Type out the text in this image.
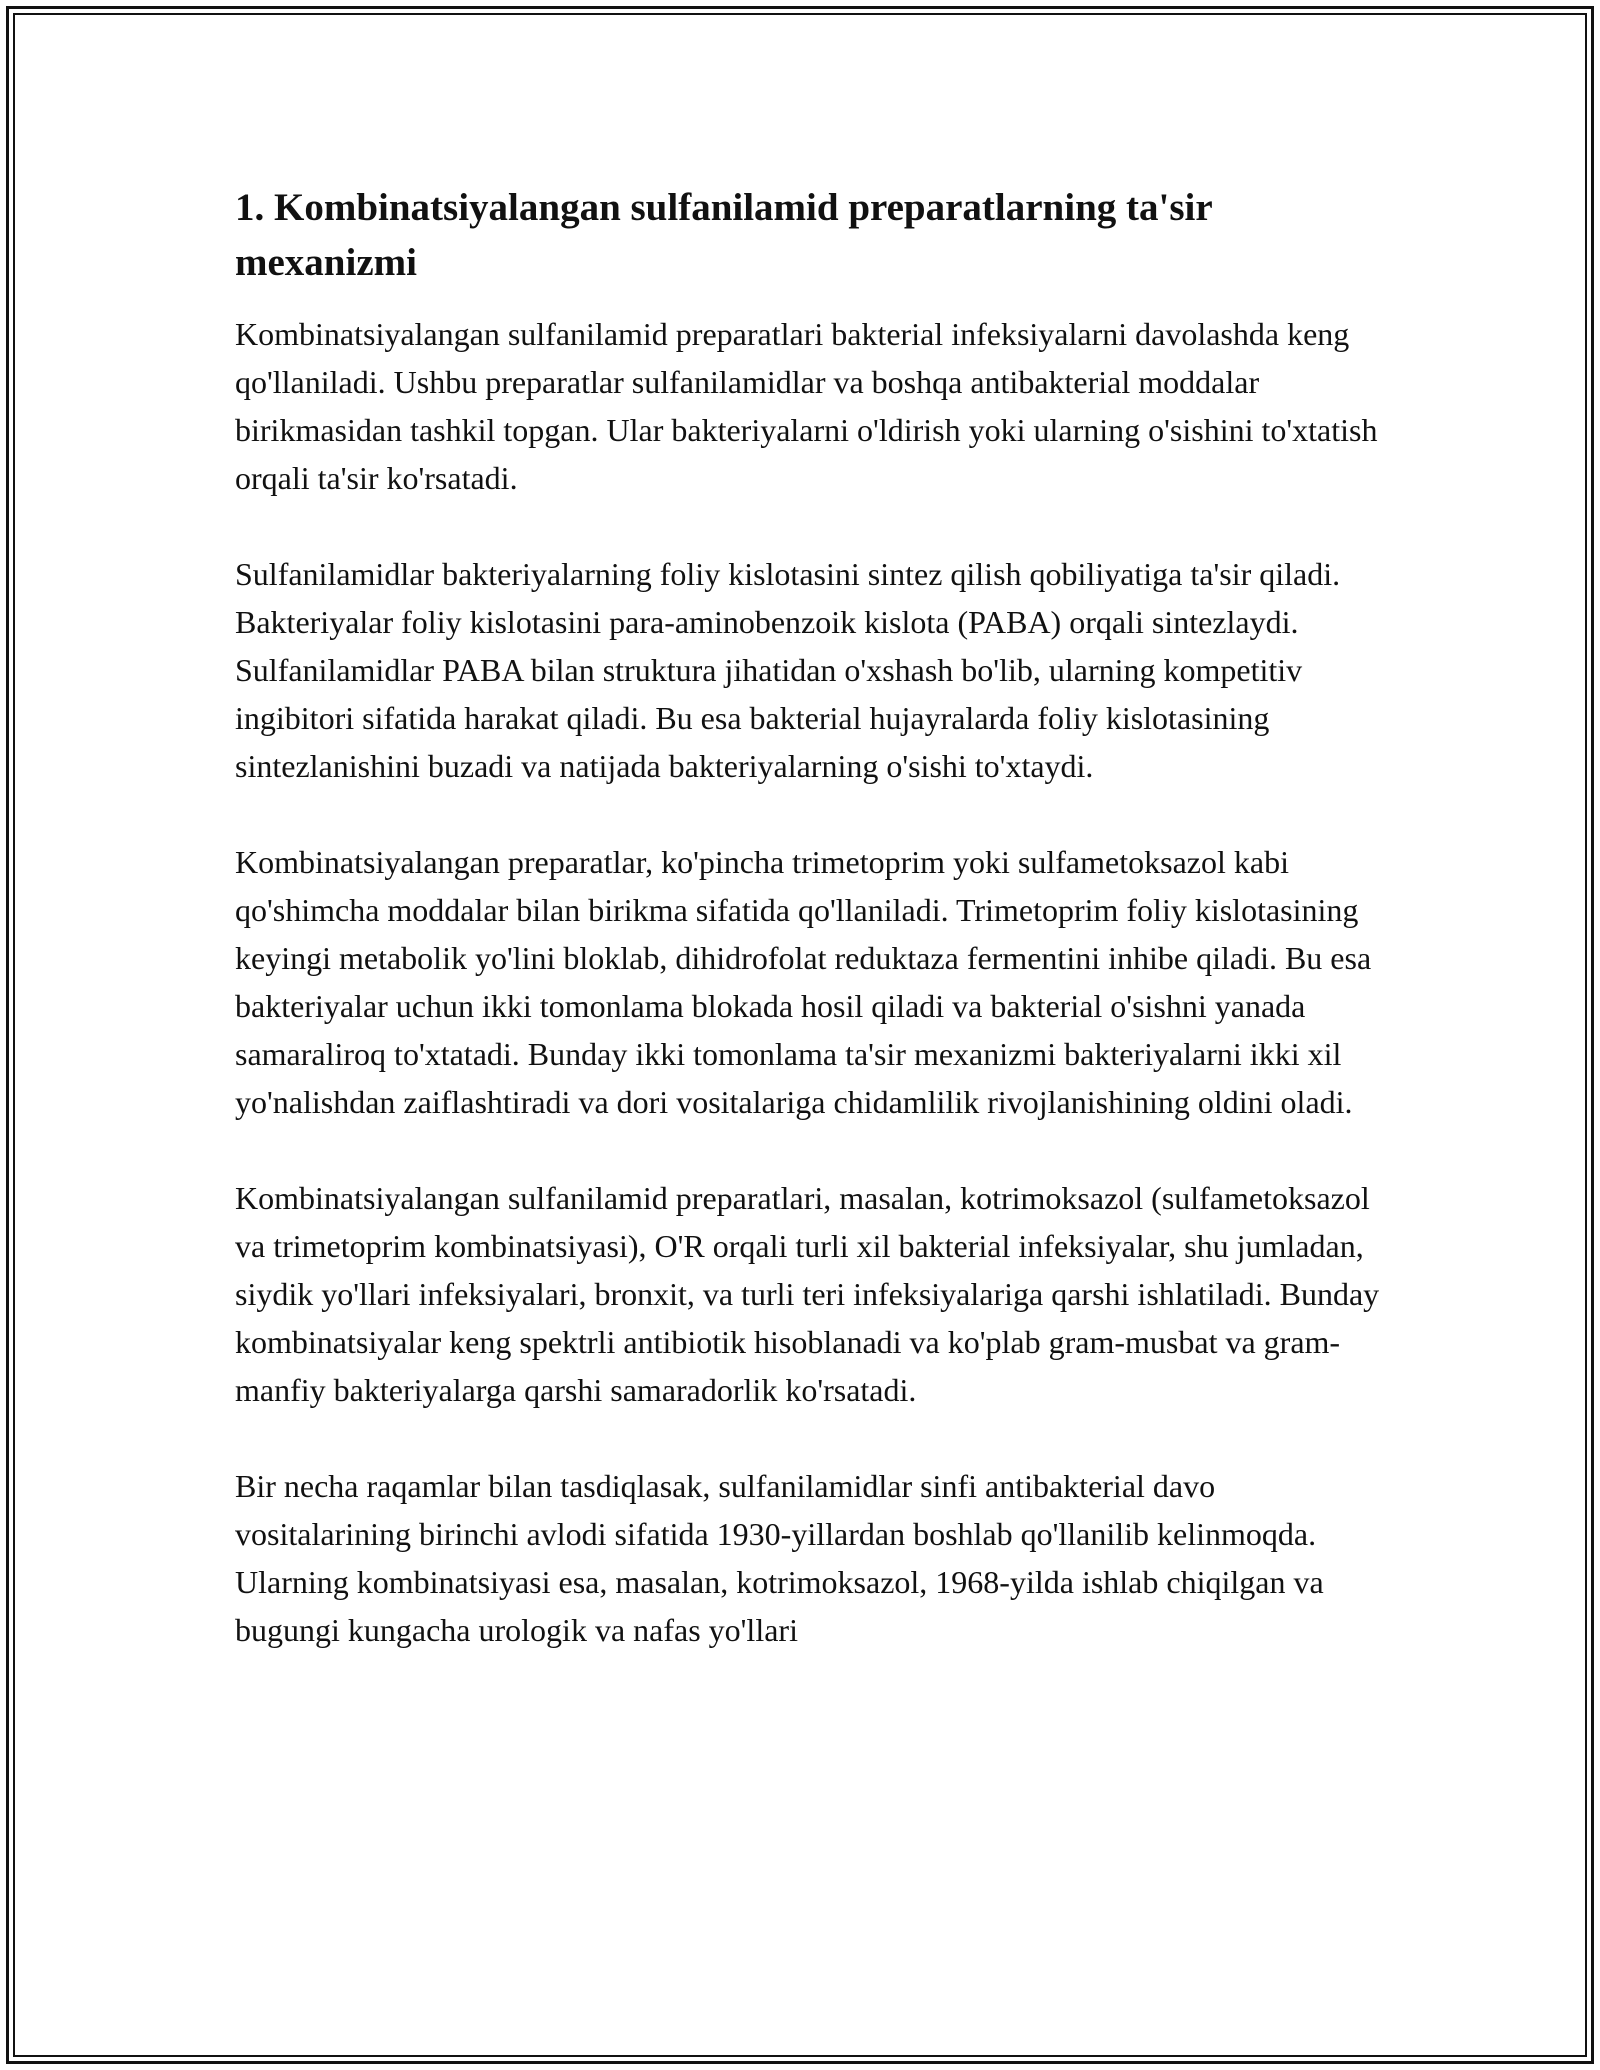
1. Kombinatsiyalangan sulfanilamid preparatlarning ta'sir mexanizmi

Kombinatsiyalangan sulfanilamid preparatlari bakterial infeksiyalarni davolashda keng qo'llaniladi. Ushbu preparatlar sulfanilamidlar va boshqa antibakterial moddalar birikmasidan tashkil topgan. Ular bakteriyalarni o'ldirish yoki ularning o'sishini to'xtatish orqali ta'sir ko'rsatadi.

Sulfanilamidlar bakteriyalarning foliy kislotasini sintez qilish qobiliyatiga ta'sir qiladi. Bakteriyalar foliy kislotasini para-aminobenzoik kislota (PABA) orqali sintezlaydi. Sulfanilamidlar PABA bilan struktura jihatidan o'xshash bo'lib, ularning kompetitiv ingibitori sifatida harakat qiladi. Bu esa bakterial hujayralarda foliy kislotasining sintezlanishini buzadi va natijada bakteriyalarning o'sishi to'xtaydi.

Kombinatsiyalangan preparatlar, ko'pincha trimetoprim yoki sulfametoksazol kabi qo'shimcha moddalar bilan birikma sifatida qo'llaniladi. Trimetoprim foliy kislotasining keyingi metabolik yo'lini bloklab, dihidrofolat reduktaza fermentini inhibe qiladi. Bu esa bakteriyalar uchun ikki tomonlama blokada hosil qiladi va bakterial o'sishni yanada samaraliroq to'xtatadi. Bunday ikki tomonlama ta'sir mexanizmi bakteriyalarni ikki xil yo'nalishdan zaiflashtiradi va dori vositalariga chidamlilik rivojlanishining oldini oladi.

Kombinatsiyalangan sulfanilamid preparatlari, masalan, kotrimoksazol (sulfametoksazol va trimetoprim kombinatsiyasi), O'R orqali turli xil bakterial infeksiyalar, shu jumladan, siydik yo'llari infeksiyalari, bronxit, va turli teri infeksiyalariga qarshi ishlatiladi. Bunday kombinatsiyalar keng spektrli antibiotik hisoblanadi va ko'plab gram-musbat va gram-manfiy bakteriyalarga qarshi samaradorlik ko'rsatadi.

Bir necha raqamlar bilan tasdiqlasak, sulfanilamidlar sinfi antibakterial davo vositalarining birinchi avlodi sifatida 1930-yillardan boshlab qo'llanilib kelinmoqda. Ularning kombinatsiyasi esa, masalan, kotrimoksazol, 1968-yilda ishlab chiqilgan va bugungi kungacha urologik va nafas yo'llari
